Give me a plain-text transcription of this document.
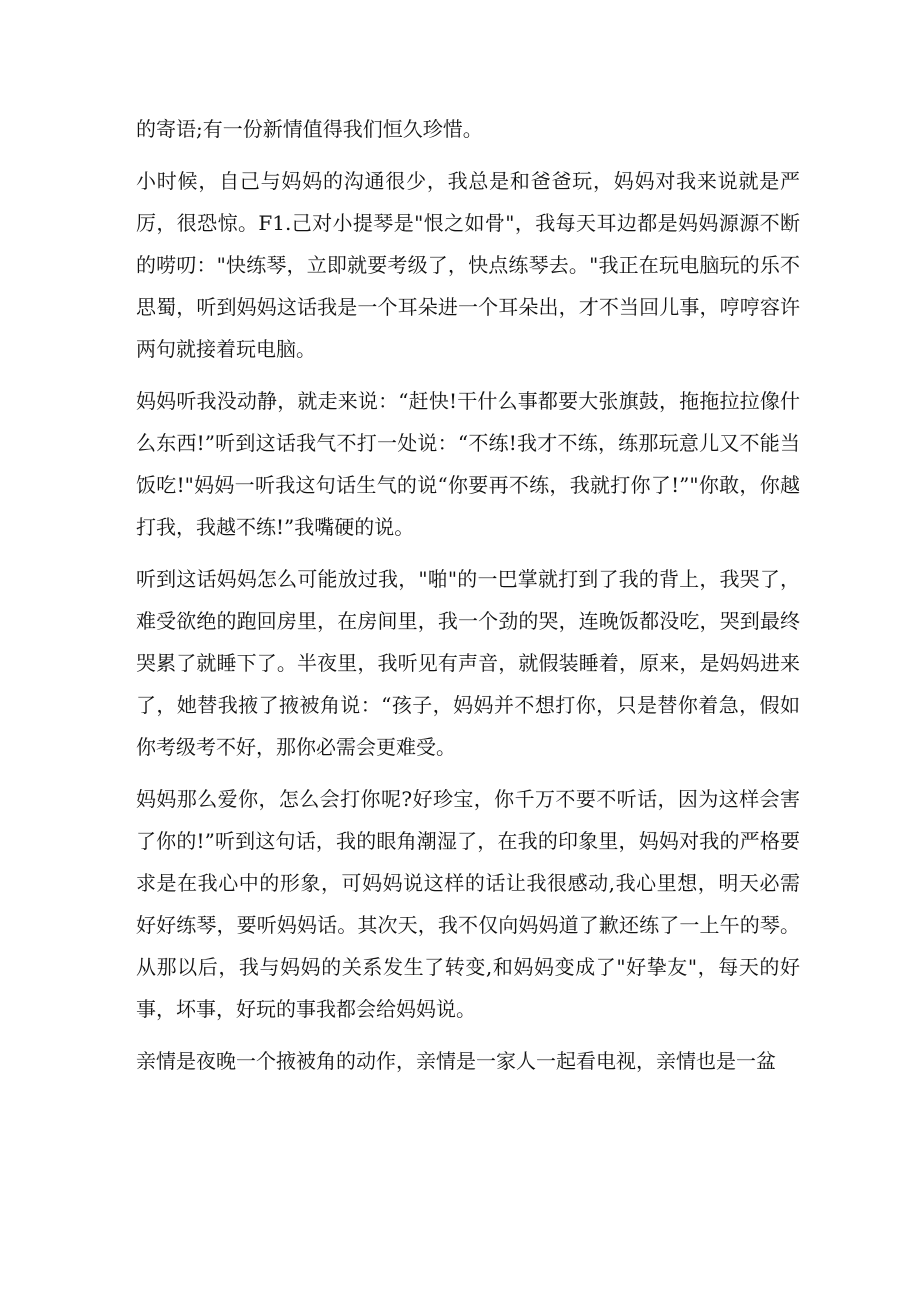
的寄语;有一份新情值得我们恒久珍惜。

小时候，自己与妈妈的沟通很少，我总是和爸爸玩，妈妈对我来说就是严厉，很恐惊。F1.己对小提琴是"恨之如骨"，我每天耳边都是妈妈源源不断的唠叨："快练琴，立即就要考级了，快点练琴去。"我正在玩电脑玩的乐不思蜀，听到妈妈这话我是一个耳朵进一个耳朵出，才不当回儿事，哼哼容许两句就接着玩电脑。

妈妈听我没动静，就走来说：“赶快!干什么事都要大张旗鼓，拖拖拉拉像什么东西!”听到这话我气不打一处说：“不练!我才不练，练那玩意儿又不能当饭吃!"妈妈一听我这句话生气的说“你要再不练，我就打你了!”"你敢，你越打我，我越不练!”我嘴硬的说。

听到这话妈妈怎么可能放过我，"啪"的一巴掌就打到了我的背上，我哭了，难受欲绝的跑回房里，在房间里，我一个劲的哭，连晚饭都没吃，哭到最终哭累了就睡下了。半夜里，我听见有声音，就假装睡着，原来，是妈妈进来了，她替我掖了掖被角说：“孩子，妈妈并不想打你，只是替你着急，假如你考级考不好，那你必需会更难受。

妈妈那么爱你，怎么会打你呢?好珍宝，你千万不要不听话，因为这样会害了你的!”听到这句话，我的眼角潮湿了，在我的印象里，妈妈对我的严格要求是在我心中的形象，可妈妈说这样的话让我很感动,我心里想，明天必需好好练琴，要听妈妈话。其次天，我不仅向妈妈道了歉还练了一上午的琴。从那以后，我与妈妈的关系发生了转变,和妈妈变成了"好挚友"，每天的好事，坏事，好玩的事我都会给妈妈说。

亲情是夜晚一个掖被角的动作，亲情是一家人一起看电视，亲情也是一盆
